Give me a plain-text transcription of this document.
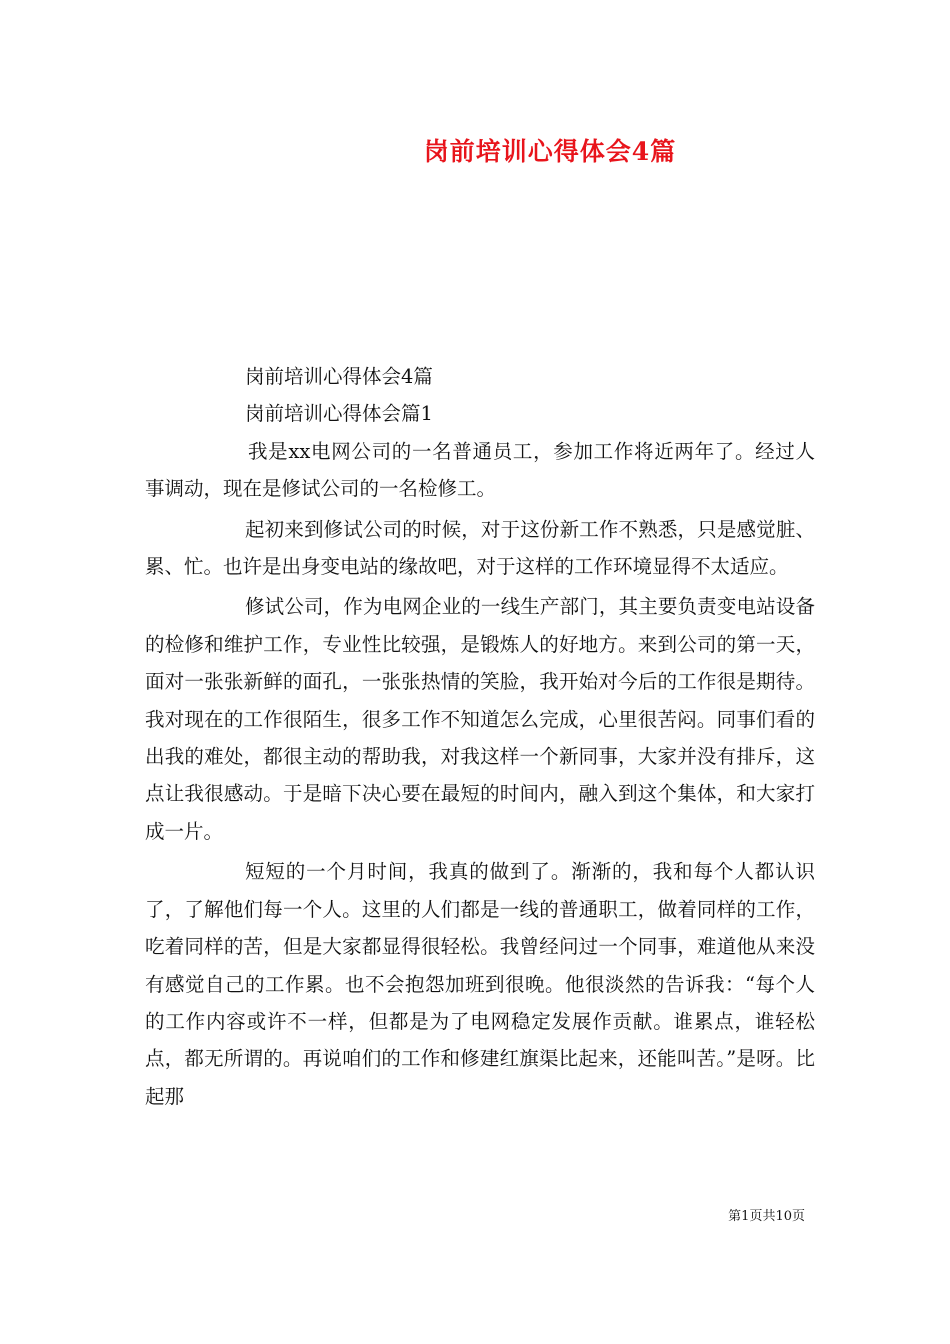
岗前培训心得体会4篇
岗前培训心得体会4篇
岗前培训心得体会篇1

我是xx电网公司的一名普通员工，参加工作将近两年了。经过人事调动，现在是修试公司的一名检修工。

起初来到修试公司的时候，对于这份新工作不熟悉，只是感觉脏、累、忙。也许是出身变电站的缘故吧，对于这样的工作环境显得不太适应。

修试公司，作为电网企业的一线生产部门，其主要负责变电站设备的检修和维护工作，专业性比较强，是锻炼人的好地方。来到公司的第一天，面对一张张新鲜的面孔，一张张热情的笑脸，我开始对今后的工作很是期待。我对现在的工作很陌生，很多工作不知道怎么完成，心里很苦闷。同事们看的出我的难处，都很主动的帮助我，对我这样一个新同事，大家并没有排斥，这点让我很感动。于是暗下决心要在最短的时间内，融入到这个集体，和大家打成一片。

短短的一个月时间，我真的做到了。渐渐的，我和每个人都认识了，了解他们每一个人。这里的人们都是一线的普通职工，做着同样的工作，吃着同样的苦，但是大家都显得很轻松。我曾经问过一个同事，难道他从来没有感觉自己的工作累。也不会抱怨加班到很晚。他很淡然的告诉我：“每个人的工作内容或许不一样，但都是为了电网稳定发展作贡献。谁累点，谁轻松点，都无所谓的。再说咱们的工作和修建红旗渠比起来，还能叫苦。”是呀。比起那

第1页共10页
